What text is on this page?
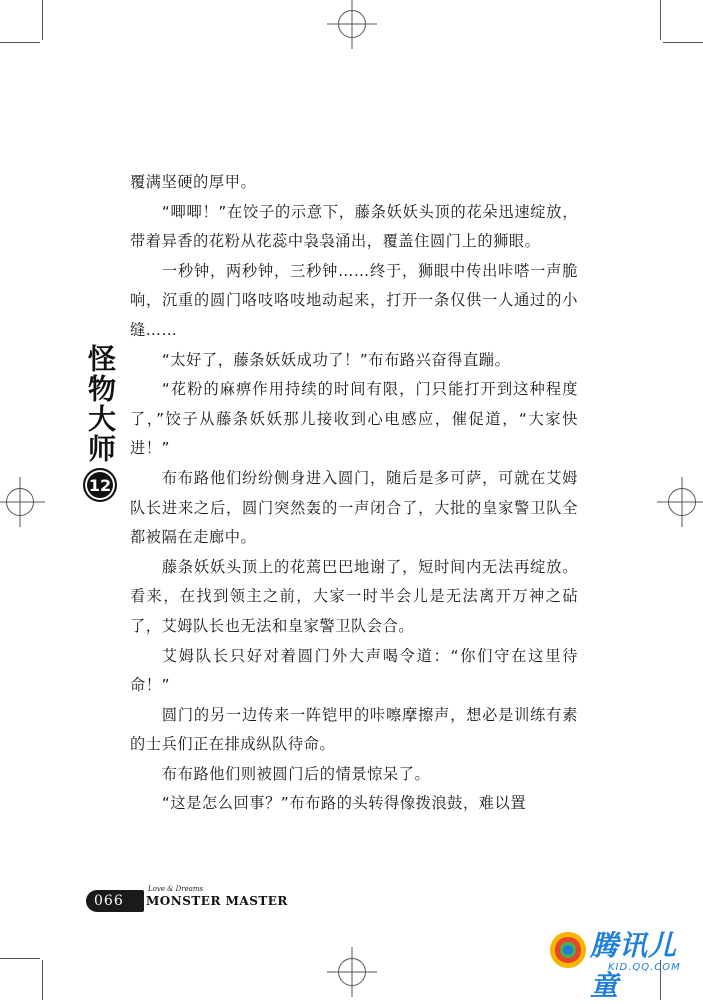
怪物大师
12

覆满坚硬的厚甲。

“唧唧！”在饺子的示意下，藤条妖妖头顶的花朵迅速绽放，带着异香的花粉从花蕊中袅袅涌出，覆盖住圆门上的狮眼。

一秒钟，两秒钟，三秒钟……终于，狮眼中传出咔嗒一声脆响，沉重的圆门咯吱咯吱地动起来，打开一条仅供一人通过的小缝……

“太好了，藤条妖妖成功了！”布布路兴奋得直蹦。

“花粉的麻痹作用持续的时间有限，门只能打开到这种程度了，”饺子从藤条妖妖那儿接收到心电感应，催促道，“大家快进！”

布布路他们纷纷侧身进入圆门，随后是多可萨，可就在艾姆队长进来之后，圆门突然轰的一声闭合了，大批的皇家警卫队全都被隔在走廊中。

藤条妖妖头顶上的花蔫巴巴地谢了，短时间内无法再绽放。看来，在找到领主之前，大家一时半会儿是无法离开万神之砧了，艾姆队长也无法和皇家警卫队会合。

艾姆队长只好对着圆门外大声喝令道：“你们守在这里待命！”

圆门的另一边传来一阵铠甲的咔嚓摩擦声，想必是训练有素的士兵们正在排成纵队待命。

布布路他们则被圆门后的情景惊呆了。

“这是怎么回事？”布布路的头转得像拨浪鼓，难以置

066
Love & Dreams
MONSTER MASTER
腾讯儿童
KID.QQ.COM
